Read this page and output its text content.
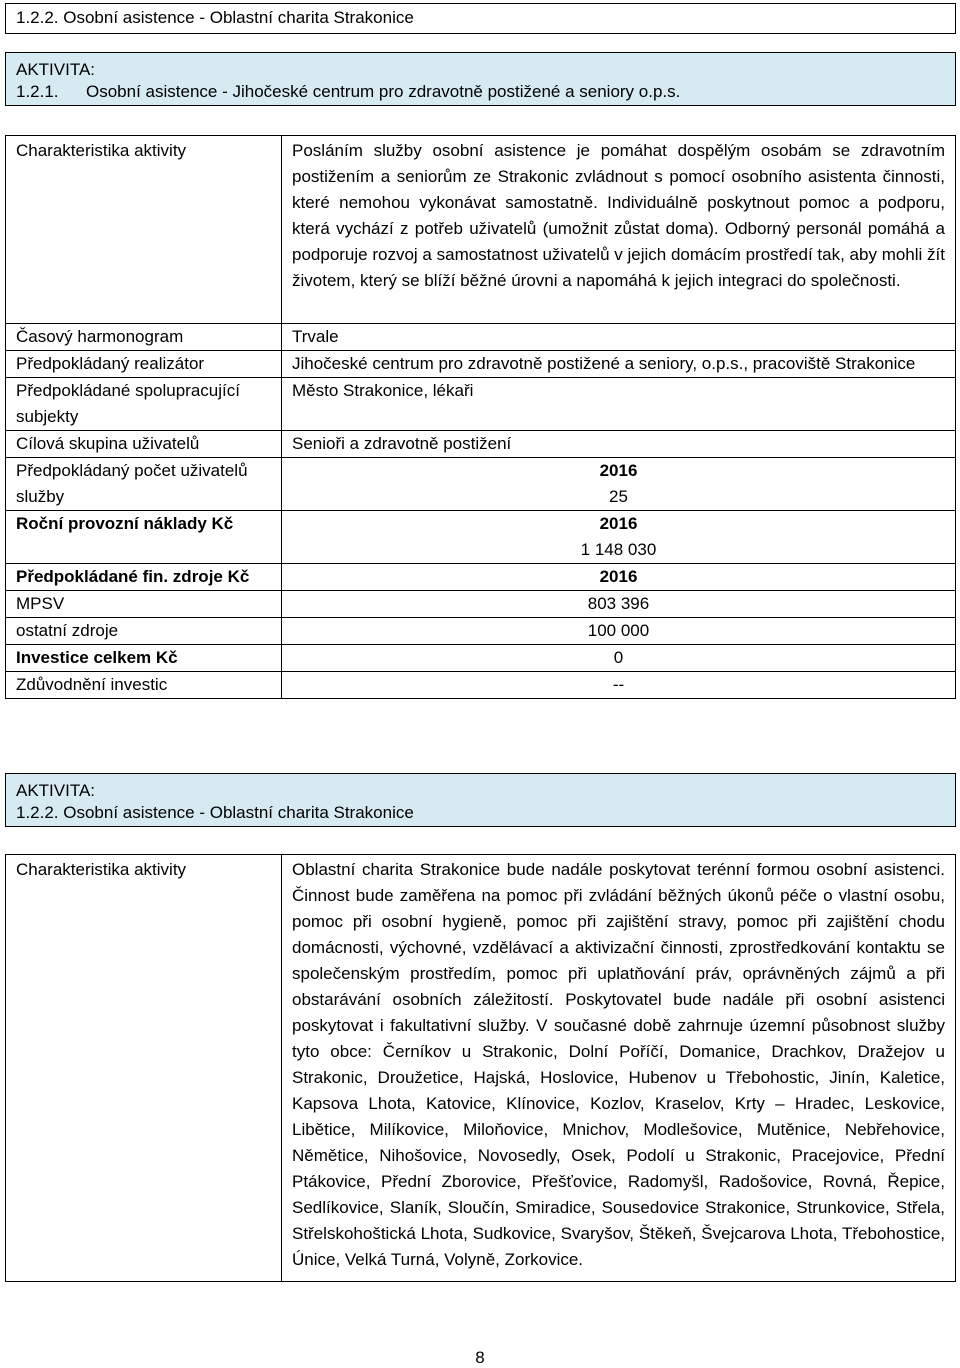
1.2.2. Osobní asistence - Oblastní charita Strakonice
AKTIVITA:
1.2.1. Osobní asistence - Jihočeské centrum pro zdravotně postižené a seniory o.p.s.
Charakteristika aktivity	Posláním služby osobní asistence je pomáhat dospělým osobám se zdravotním postižením a seniorům ze Strakonic zvládnout s pomocí osobního asistenta činnosti, které nemohou vykonávat samostatně. Individuálně poskytnout pomoc a podporu, která vychází z potřeb uživatelů (umožnit zůstat doma). Odborný personál pomáhá a podporuje rozvoj a samostatnost uživatelů v jejich domácím prostředí tak, aby mohli žít životem, který se blíží běžné úrovni a napomáhá k jejich integraci do společnosti.
Časový harmonogram	Trvale
Předpokládaný realizátor	Jihočeské centrum pro zdravotně postižené a seniory, o.p.s., pracoviště Strakonice
Předpokládané spolupracující subjekty	Město Strakonice, lékaři
Cílová skupina uživatelů	Senioři a zdravotně postižení
Předpokládaný počet uživatelů služby	2016
25

Roční provozní náklady Kč	2016
1 148 030

Předpokládané fin. zdroje Kč	2016
MPSV	803 396
ostatní zdroje	100 000
Investice celkem Kč	0
Zdůvodnění investic	--
AKTIVITA:
1.2.2. Osobní asistence - Oblastní charita Strakonice
Charakteristika aktivity	Oblastní charita Strakonice bude nadále poskytovat terénní formou osobní asistenci. Činnost bude zaměřena na pomoc při zvládání běžných úkonů péče o vlastní osobu, pomoc při osobní hygieně, pomoc při zajištění stravy, pomoc při zajištění chodu domácnosti, výchovné, vzdělávací a aktivizační činnosti, zprostředkování kontaktu se společenským prostředím, pomoc při uplatňování práv, oprávněných zájmů a při obstarávání osobních záležitostí. Poskytovatel bude nadále při osobní asistenci poskytovat i fakultativní služby. V současné době zahrnuje územní působnost služby tyto obce: Černíkov u Strakonic, Dolní Poříčí, Domanice, Drachkov, Dražejov u Strakonic, Droužetice, Hajská, Hoslovice, Hubenov u Třebohostic, Jinín, Kaletice, Kapsova Lhota, Katovice, Klínovice, Kozlov, Kraselov, Krty – Hradec, Leskovice, Libětice, Milíkovice, Miloňovice, Mnichov, Modlešovice, Mutěnice, Nebřehovice, Němětice, Nihošovice, Novosedly, Osek, Podolí u Strakonic, Pracejovice, Přední Ptákovice, Přední Zborovice, Přešťovice, Radomyšl, Radošovice, Rovná, Řepice, Sedlíkovice, Slaník, Sloučín, Smiradice, Sousedovice Strakonice, Strunkovice, Střela, Střelskohoštická Lhota, Sudkovice, Svaryšov, Štěkeň, Švejcarova Lhota, Třebohostice, Únice, Velká Turná, Volyně, Zorkovice.
8
